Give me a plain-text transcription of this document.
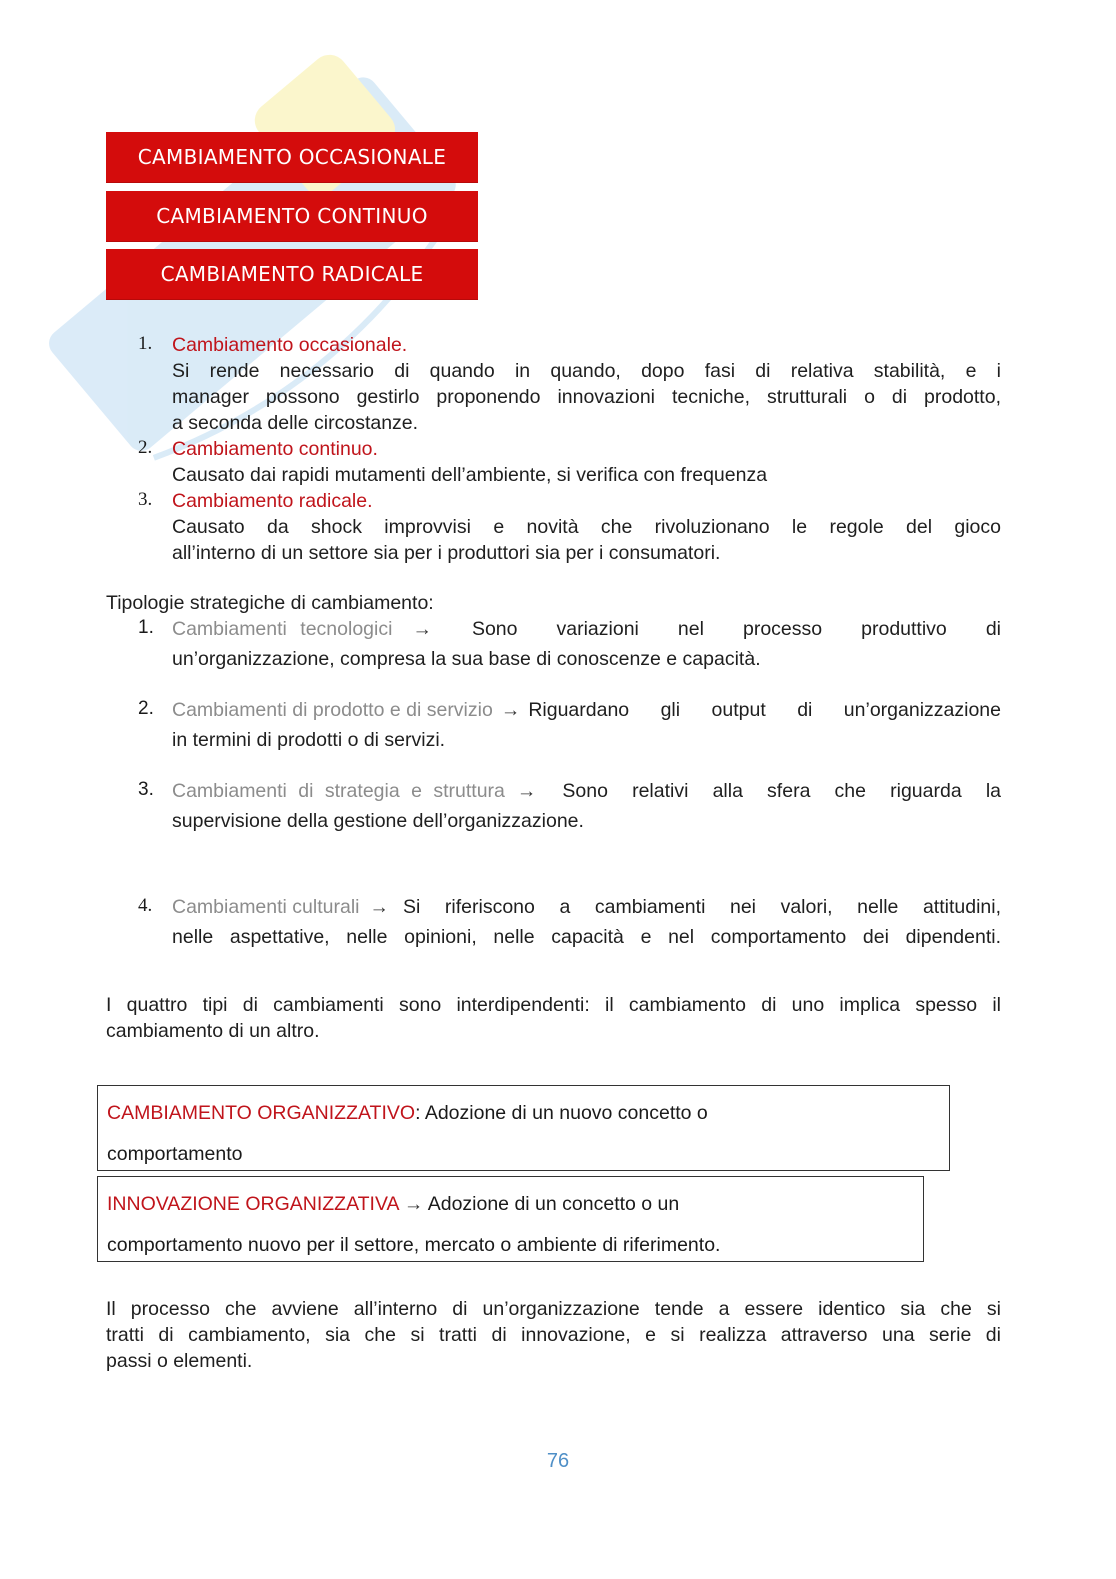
CAMBIAMENTO OCCASIONALE
CAMBIAMENTO CONTINUO
CAMBIAMENTO RADICALE
1. Cambiamento occasionale.
Si rende necessario di quando in quando, dopo fasi di relativa stabilità, e i
manager possono gestirlo proponendo innovazioni tecniche, strutturali o di prodotto,
a seconda delle circostanze.
2. Cambiamento continuo.
Causato dai rapidi mutamenti dell’ambiente, si verifica con frequenza
3. Cambiamento radicale.
Causato da shock improvvisi e novità che rivoluzionano le regole del gioco
all’interno di un settore sia per i produttori sia per i consumatori.
Tipologie strategiche di cambiamento:
1. Cambiamenti tecnologici → Sono variazioni nel processo produttivo di
un’organizzazione, compresa la sua base di conoscenze e capacità.
2. Cambiamenti di prodotto e di servizio → Riguardano gli output di un’organizzazione
in termini di prodotti o di servizi.
3. Cambiamenti di strategia e struttura → Sono relativi alla sfera che riguarda la
supervisione della gestione dell’organizzazione.
4. Cambiamenti culturali → Si riferiscono a cambiamenti nei valori, nelle attitudini,
nelle aspettative, nelle opinioni, nelle capacità e nel comportamento dei dipendenti.
I quattro tipi di cambiamenti sono interdipendenti: il cambiamento di uno implica spesso il
cambiamento di un altro.
CAMBIAMENTO ORGANIZZATIVO: Adozione di un nuovo concetto o
comportamento
INNOVAZIONE ORGANIZZATIVA → Adozione di un concetto o un
comportamento nuovo per il settore, mercato o ambiente di riferimento.
Il processo che avviene all’interno di un’organizzazione tende a essere identico sia che si
tratti di cambiamento, sia che si tratti di innovazione, e si realizza attraverso una serie di
passi o elementi.
76
